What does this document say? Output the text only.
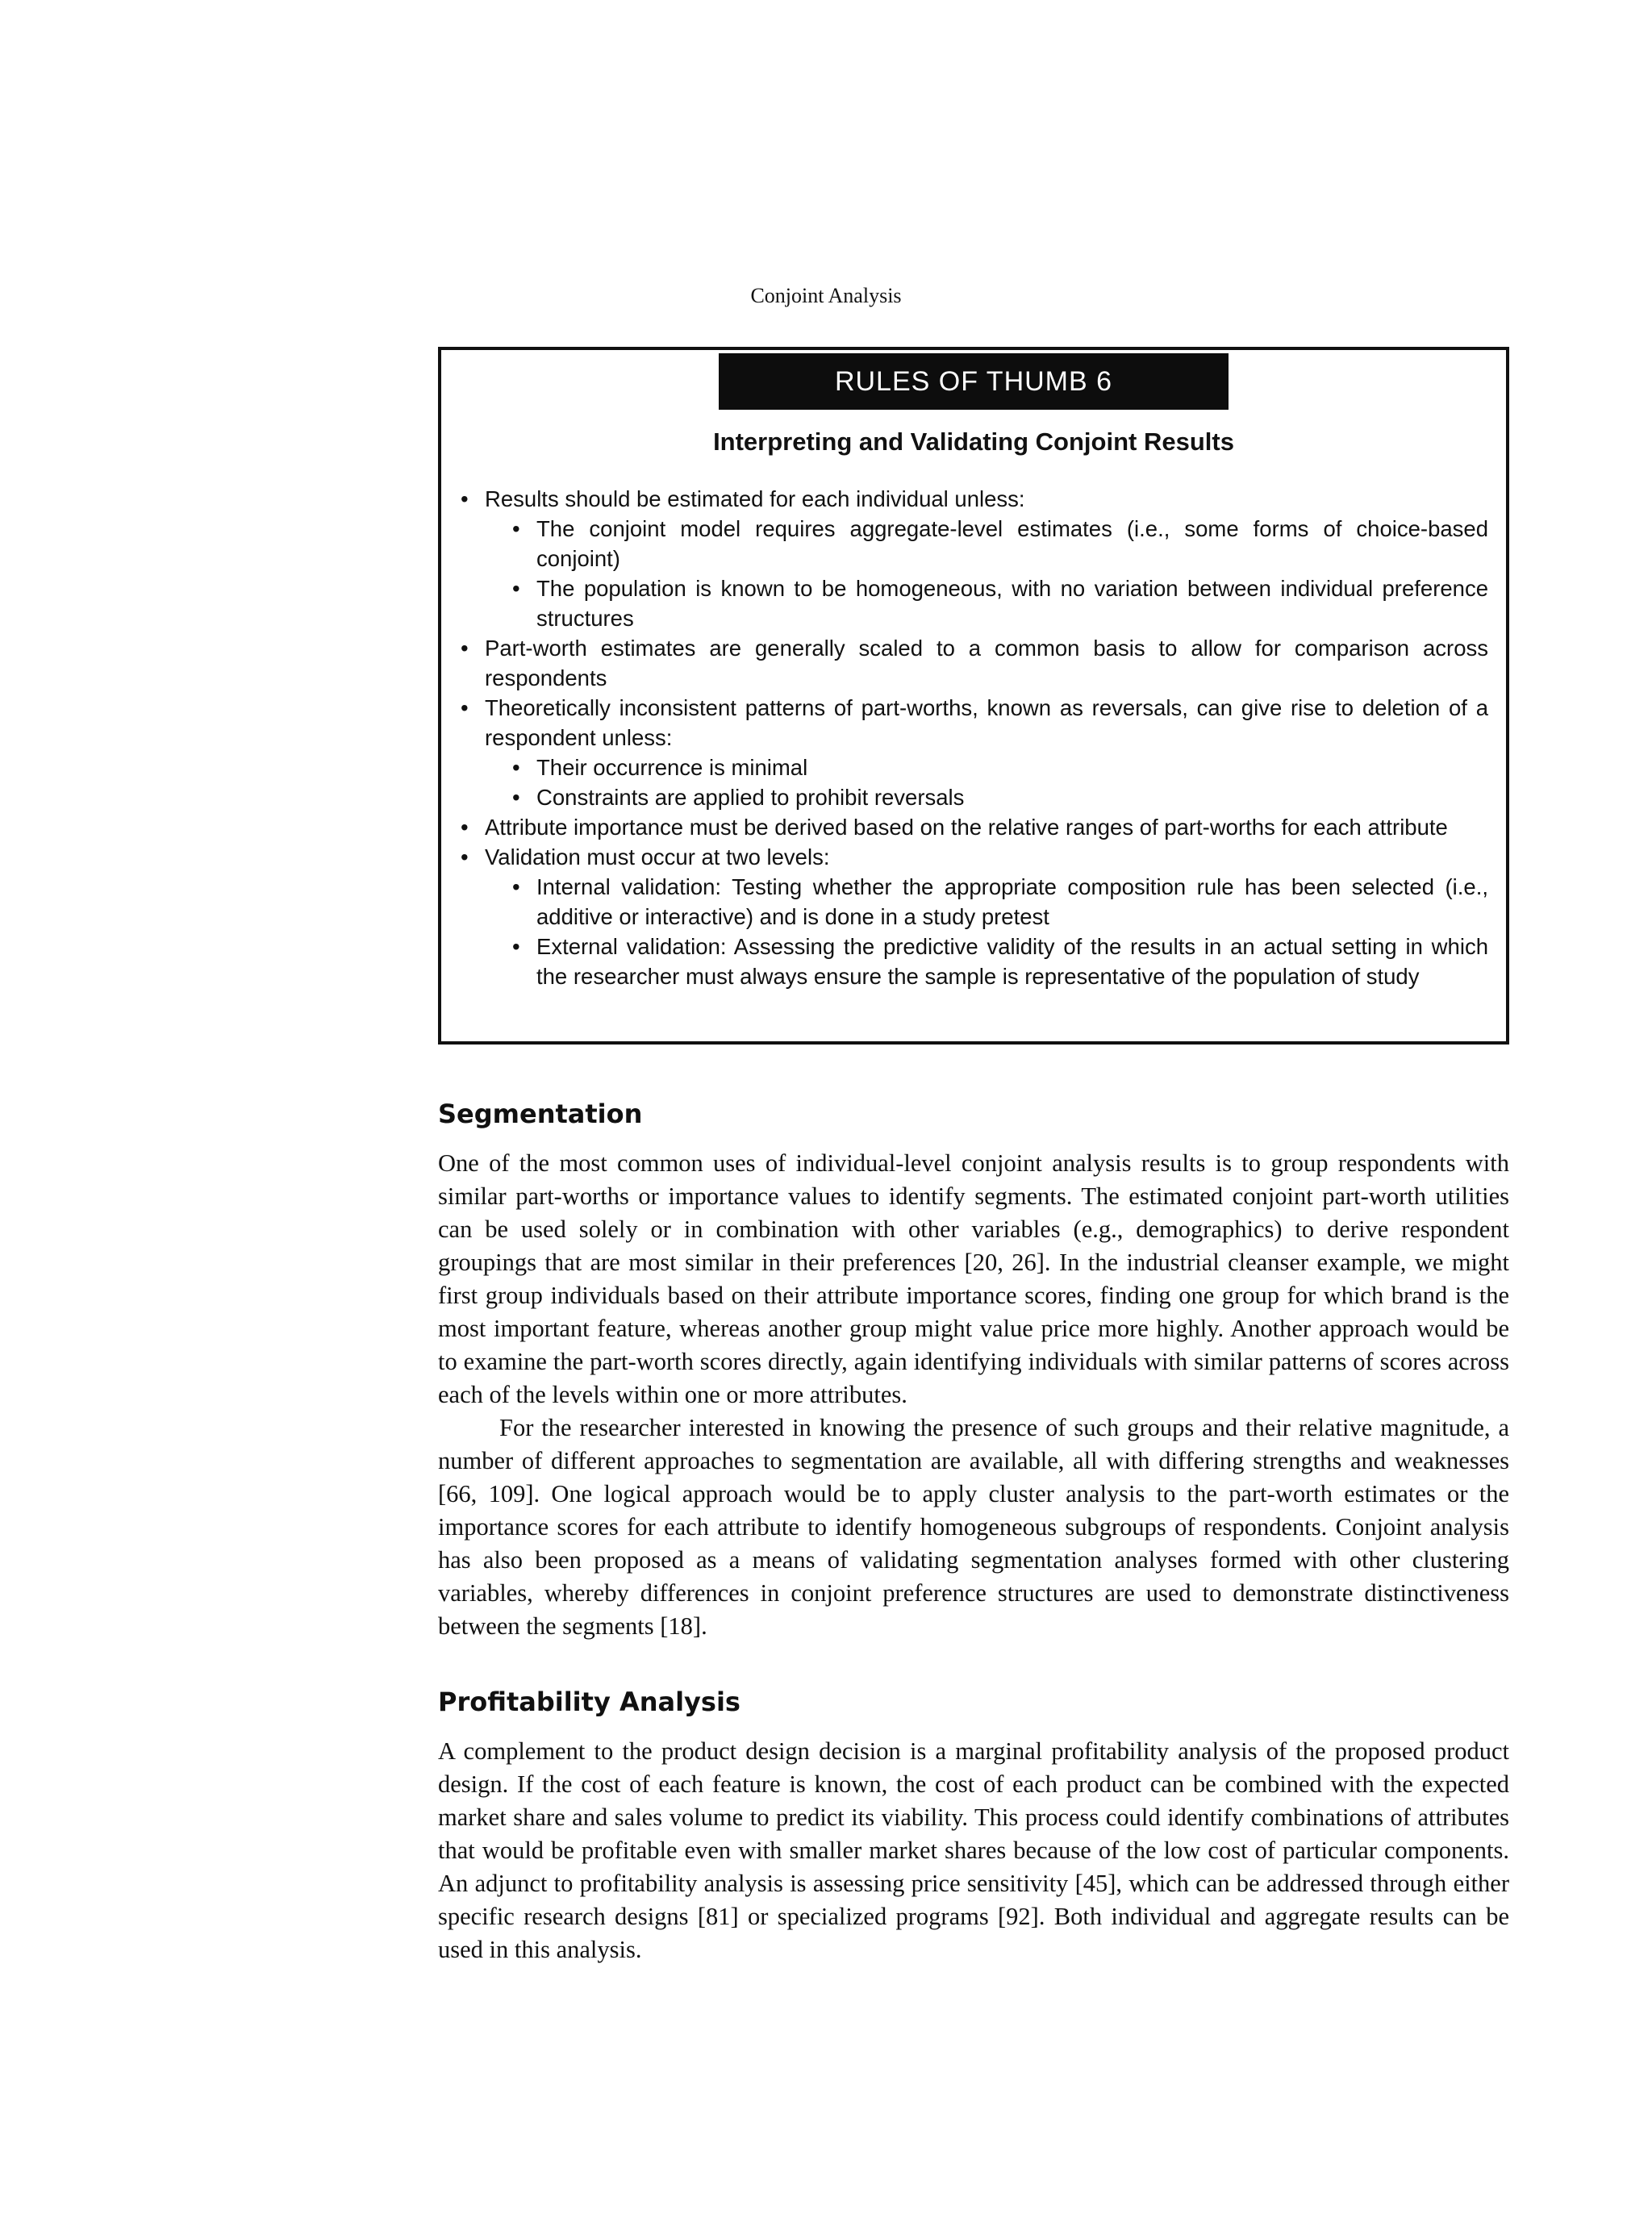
Conjoint Analysis
RULES OF THUMB 6
Interpreting and Validating Conjoint Results
• Results should be estimated for each individual unless:
• The conjoint model requires aggregate-level estimates (i.e., some forms of choice-based conjoint)
• The population is known to be homogeneous, with no variation between individual preference structures
• Part-worth estimates are generally scaled to a common basis to allow for comparison across respondents
• Theoretically inconsistent patterns of part-worths, known as reversals, can give rise to deletion of a respondent unless:
• Their occurrence is minimal
• Constraints are applied to prohibit reversals
• Attribute importance must be derived based on the relative ranges of part-worths for each attribute
• Validation must occur at two levels:
• Internal validation: Testing whether the appropriate composition rule has been selected (i.e., additive or interactive) and is done in a study pretest
• External validation: Assessing the predictive validity of the results in an actual setting in which the researcher must always ensure the sample is representative of the population of study
Segmentation

One of the most common uses of individual-level conjoint analysis results is to group respondents with similar part-worths or importance values to identify segments. The estimated conjoint part-worth utilities can be used solely or in combination with other variables (e.g., demographics) to derive respondent groupings that are most similar in their preferences [20, 26]. In the industrial cleanser example, we might first group individuals based on their attribute importance scores, finding one group for which brand is the most important feature, whereas another group might value price more highly. Another approach would be to examine the part-worth scores directly, again identifying individuals with similar patterns of scores across each of the levels within one or more attributes.

For the researcher interested in knowing the presence of such groups and their relative magnitude, a number of different approaches to segmentation are available, all with differing strengths and weaknesses [66, 109]. One logical approach would be to apply cluster analysis to the part-worth estimates or the importance scores for each attribute to identify homogeneous subgroups of respondents. Conjoint analysis has also been proposed as a means of validating segmentation analyses formed with other clustering variables, whereby differences in conjoint preference structures are used to demonstrate distinctiveness between the segments [18].

Profitability Analysis

A complement to the product design decision is a marginal profitability analysis of the proposed product design. If the cost of each feature is known, the cost of each product can be combined with the expected market share and sales volume to predict its viability. This process could identify combinations of attributes that would be profitable even with smaller market shares because of the low cost of particular components. An adjunct to profitability analysis is assessing price sensitivity [45], which can be addressed through either specific research designs [81] or specialized programs [92]. Both individual and aggregate results can be used in this analysis.
